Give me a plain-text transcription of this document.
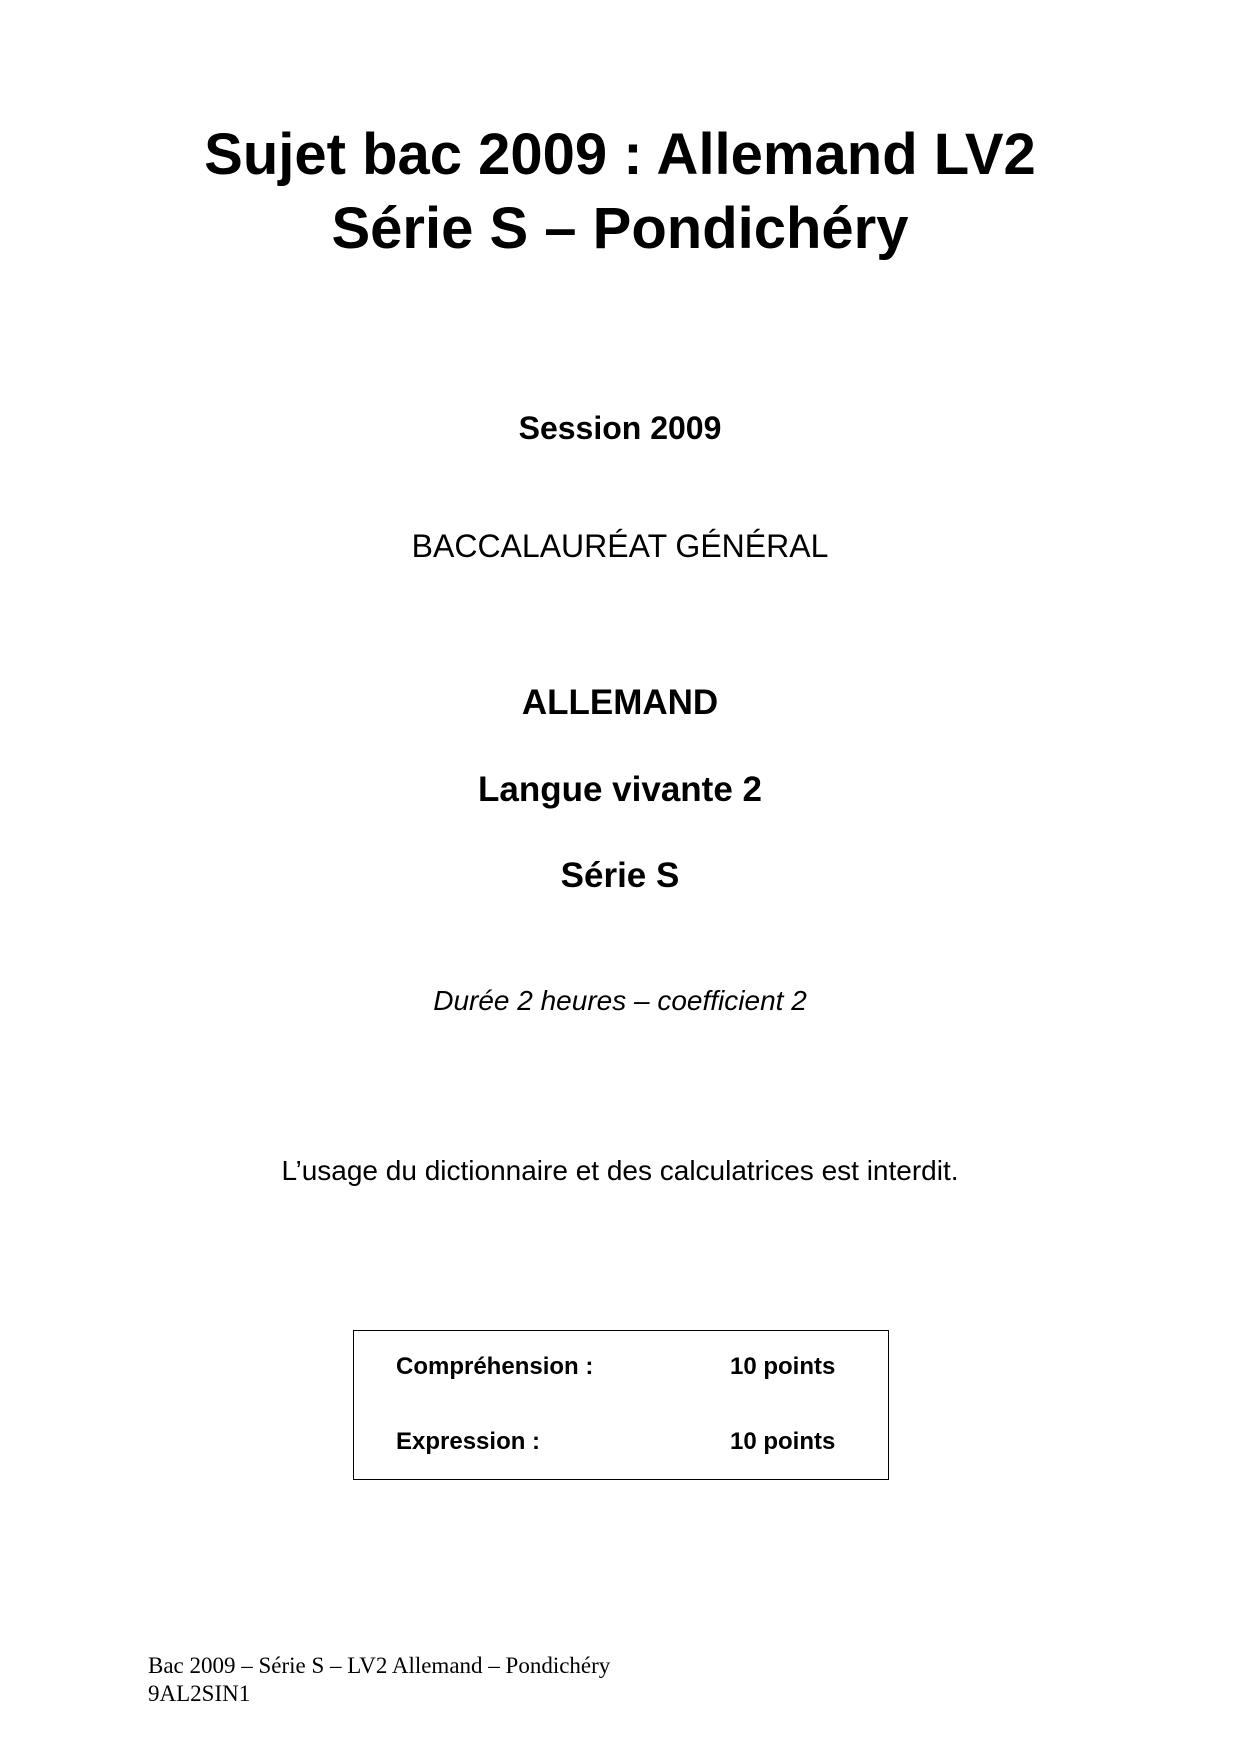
Sujet bac 2009 : Allemand LV2
Série S – Pondichéry
Session 2009
BACCALAURÉAT GÉNÉRAL
ALLEMAND
Langue vivante 2
Série S
Durée 2 heures – coefficient 2
L’usage du dictionnaire et des calculatrices est interdit.
Compréhension :	10 points
Expression :	10 points
Bac 2009 – Série S – LV2 Allemand – Pondichéry
9AL2SIN1
